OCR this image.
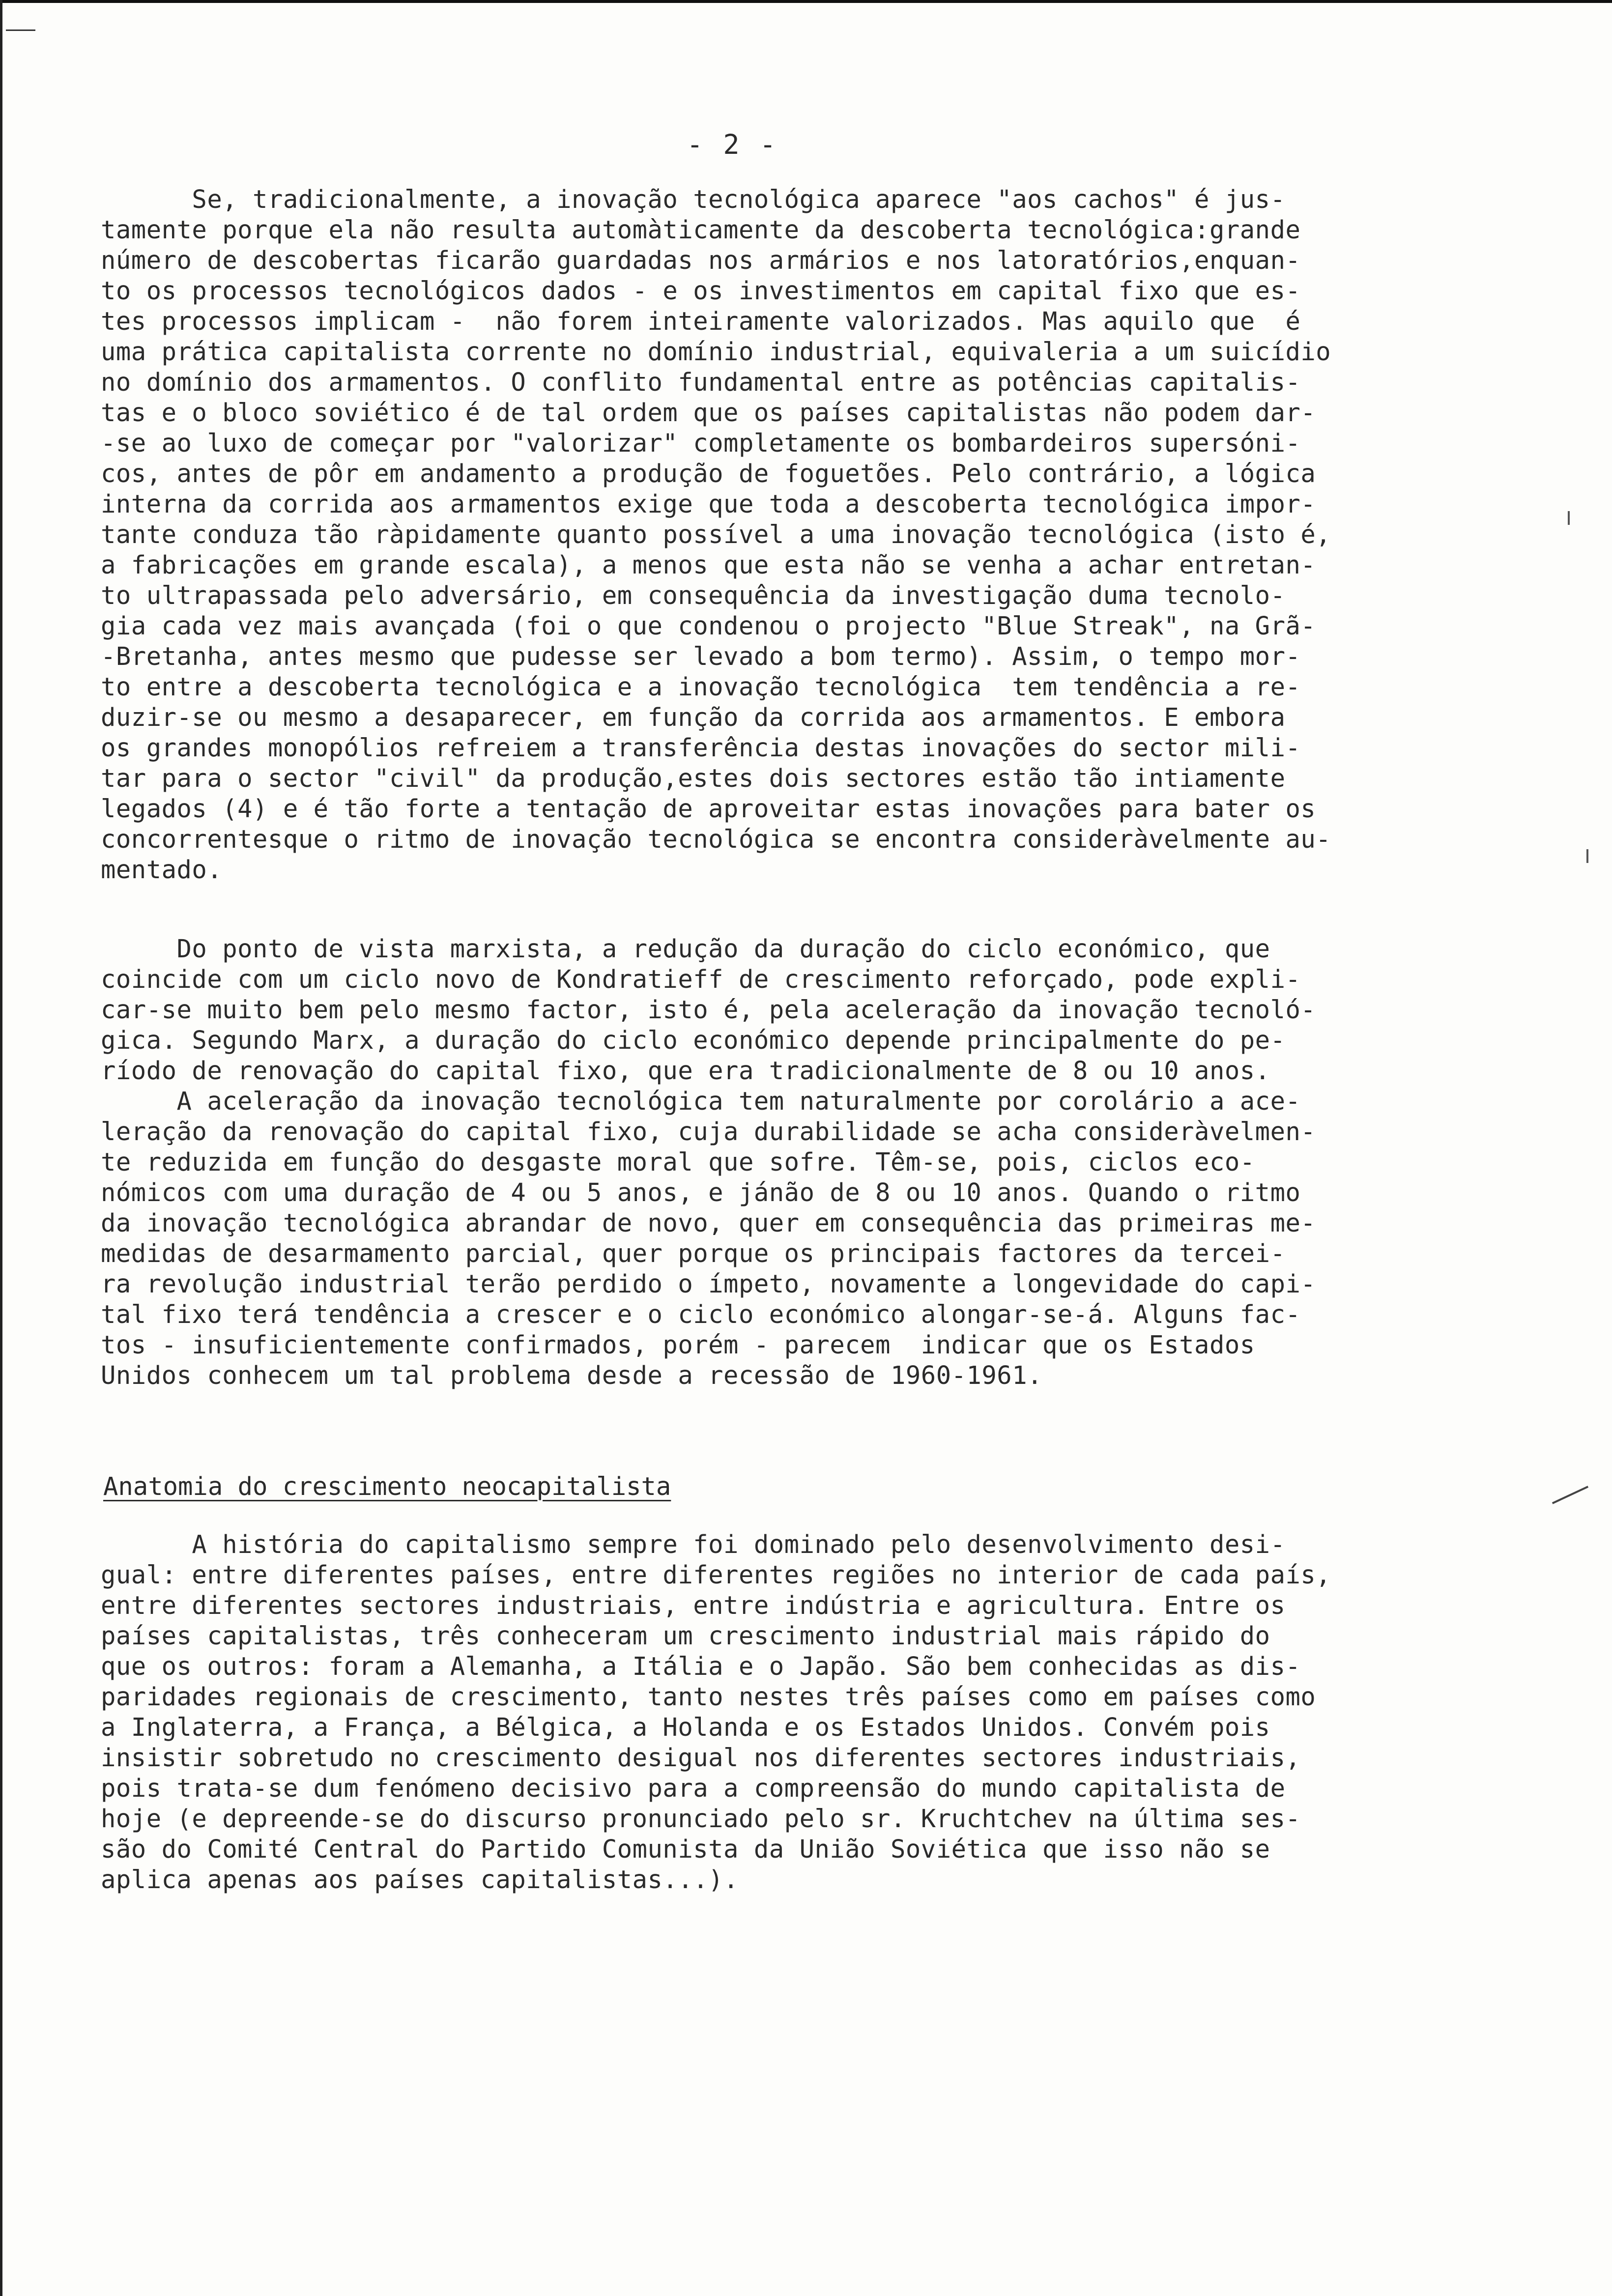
- 2 -
Se, tradicionalmente, a inovação tecnológica aparece "aos cachos" é jus-
tamente porque ela não resulta automàticamente da descoberta tecnológica:grande
número de descobertas ficarão guardadas nos armários e nos latoratórios,enquan-
to os processos tecnológicos dados - e os investimentos em capital fixo que es-
tes processos implicam -  não forem inteiramente valorizados. Mas aquilo que  é
uma prática capitalista corrente no domínio industrial, equivaleria a um suicídio
no domínio dos armamentos. O conflito fundamental entre as potências capitalis-
tas e o bloco soviético é de tal ordem que os países capitalistas não podem dar-
-se ao luxo de começar por "valorizar" completamente os bombardeiros supersóni-
cos, antes de pôr em andamento a produção de foguetões. Pelo contrário, a lógica
interna da corrida aos armamentos exige que toda a descoberta tecnológica impor-
tante conduza tão ràpidamente quanto possível a uma inovação tecnológica (isto é,
a fabricações em grande escala), a menos que esta não se venha a achar entretan-
to ultrapassada pelo adversário, em consequência da investigação duma tecnolo-
gia cada vez mais avançada (foi o que condenou o projecto "Blue Streak", na Grã-
-Bretanha, antes mesmo que pudesse ser levado a bom termo). Assim, o tempo mor-
to entre a descoberta tecnológica e a inovação tecnológica  tem tendência a re-
duzir-se ou mesmo a desaparecer, em função da corrida aos armamentos. E embora
os grandes monopólios refreiem a transferência destas inovações do sector mili-
tar para o sector "civil" da produção,estes dois sectores estão tão intiamente
legados (4) e é tão forte a tentação de aproveitar estas inovações para bater os
concorrentesque o ritmo de inovação tecnológica se encontra consideràvelmente au-
mentado.
Do ponto de vista marxista, a redução da duração do ciclo económico, que
coincide com um ciclo novo de Kondratieff de crescimento reforçado, pode expli-
car-se muito bem pelo mesmo factor, isto é, pela aceleração da inovação tecnoló-
gica. Segundo Marx, a duração do ciclo económico depende principalmente do pe-
ríodo de renovação do capital fixo, que era tradicionalmente de 8 ou 10 anos.
A aceleração da inovação tecnológica tem naturalmente por corolário a ace-
leração da renovação do capital fixo, cuja durabilidade se acha consideràvelmen-
te reduzida em função do desgaste moral que sofre. Têm-se, pois, ciclos eco-
nómicos com uma duração de 4 ou 5 anos, e jánão de 8 ou 10 anos. Quando o ritmo
da inovação tecnológica abrandar de novo, quer em consequência das primeiras me-
medidas de desarmamento parcial, quer porque os principais factores da tercei-
ra revolução industrial terão perdido o ímpeto, novamente a longevidade do capi-
tal fixo terá tendência a crescer e o ciclo económico alongar-se-á. Alguns fac-
tos - insuficientemente confirmados, porém - parecem  indicar que os Estados
Unidos conhecem um tal problema desde a recessão de 1960-1961.
A história do capitalismo sempre foi dominado pelo desenvolvimento desi-
gual: entre diferentes países, entre diferentes regiões no interior de cada país,
entre diferentes sectores industriais, entre indústria e agricultura. Entre os
países capitalistas, três conheceram um crescimento industrial mais rápido do
que os outros: foram a Alemanha, a Itália e o Japão. São bem conhecidas as dis-
paridades regionais de crescimento, tanto nestes três países como em países como
a Inglaterra, a França, a Bélgica, a Holanda e os Estados Unidos. Convém pois
insistir sobretudo no crescimento desigual nos diferentes sectores industriais,
pois trata-se dum fenómeno decisivo para a compreensão do mundo capitalista de
hoje (e depreende-se do discurso pronunciado pelo sr. Kruchtchev na última ses-
são do Comité Central do Partido Comunista da União Soviética que isso não se
aplica apenas aos países capitalistas...).
Anatomia do crescimento neocapitalista
